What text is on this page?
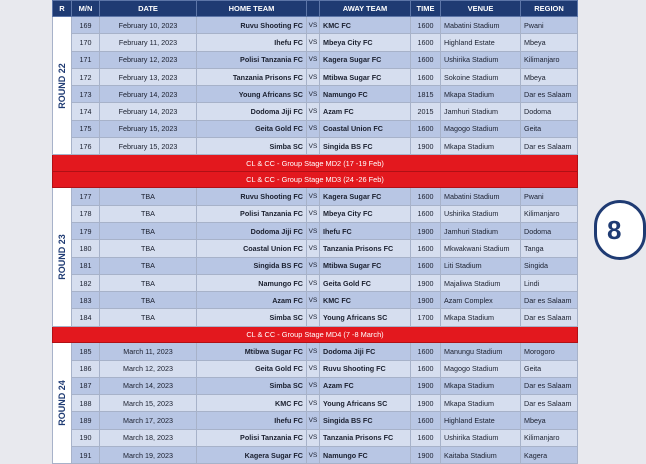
R	M/N	DATE	HOME TEAM		AWAY TEAM	TIME	VENUE	REGION

ROUND 22	169	February 10, 2023	Ruvu Shooting FC	VS	KMC FC	1600	Mabatini Stadium	Pwani
	170	February 11, 2023	Ihefu FC	VS	Mbeya City FC	1600	Highland Estate	Mbeya
	171	February 12, 2023	Polisi Tanzania FC	VS	Kagera Sugar FC	1600	Ushirika Stadium	Kilimanjaro
	172	February 13, 2023	Tanzania Prisons FC	VS	Mtibwa Sugar FC	1600	Sokoine Stadium	Mbeya
	173	February 14, 2023	Young Africans SC	VS	Namungo FC	1815	Mkapa Stadium	Dar es Salaam
	174	February 14, 2023	Dodoma Jiji FC	VS	Azam FC	2015	Jamhuri Stadium	Dodoma
	175	February 15, 2023	Geita Gold FC	VS	Coastal Union FC	1600	Magogo Stadium	Geita
	176	February 15, 2023	Simba SC	VS	Singida BS FC	1900	Mkapa Stadium	Dar es Salaam
CL & CC - Group Stage MD2 (17 -19 Feb)								
CL & CC - Group Stage MD3 (24 -26 Feb)								

ROUND 23	177	TBA	Ruvu Shooting FC	VS	Kagera Sugar FC	1600	Mabatini Stadium	Pwani
	178	TBA	Polisi Tanzania FC	VS	Mbeya City FC	1600	Ushirika Stadium	Kilimanjaro
	179	TBA	Dodoma Jiji FC	VS	Ihefu FC	1900	Jamhuri Stadium	Dodoma
	180	TBA	Coastal Union FC	VS	Tanzania Prisons FC	1600	Mkwakwani Stadium	Tanga
	181	TBA	Singida BS FC	VS	Mtibwa Sugar FC	1600	Liti Stadium	Singida
	182	TBA	Namungo FC	VS	Geita Gold FC	1900	Majaliwa Stadium	Lindi
	183	TBA	Azam FC	VS	KMC FC	1900	Azam Complex	Dar es Salaam
	184	TBA	Simba SC	VS	Young Africans SC	1700	Mkapa Stadium	Dar es Salaam
CL & CC - Group Stage MD4 (7 -8 March)								

ROUND 24	185	March 11, 2023	Mtibwa Sugar FC	VS	Dodoma Jiji FC	1600	Manungu Stadium	Morogoro
	186	March 12, 2023	Geita Gold FC	VS	Ruvu Shooting FC	1600	Magogo Stadium	Geita
	187	March 14, 2023	Simba SC	VS	Azam FC	1900	Mkapa Stadium	Dar es Salaam
	188	March 15, 2023	KMC FC	VS	Young Africans SC	1900	Mkapa Stadium	Dar es Salaam
	189	March 17, 2023	Ihefu FC	VS	Singida BS FC	1600	Highland Estate	Mbeya
	190	March 18, 2023	Polisi Tanzania FC	VS	Tanzania Prisons FC	1600	Ushirika Stadium	Kilimanjaro
	191	March 19, 2023	Kagera Sugar FC	VS	Namungo FC	1900	Kaitaba Stadium	Kagera
8
